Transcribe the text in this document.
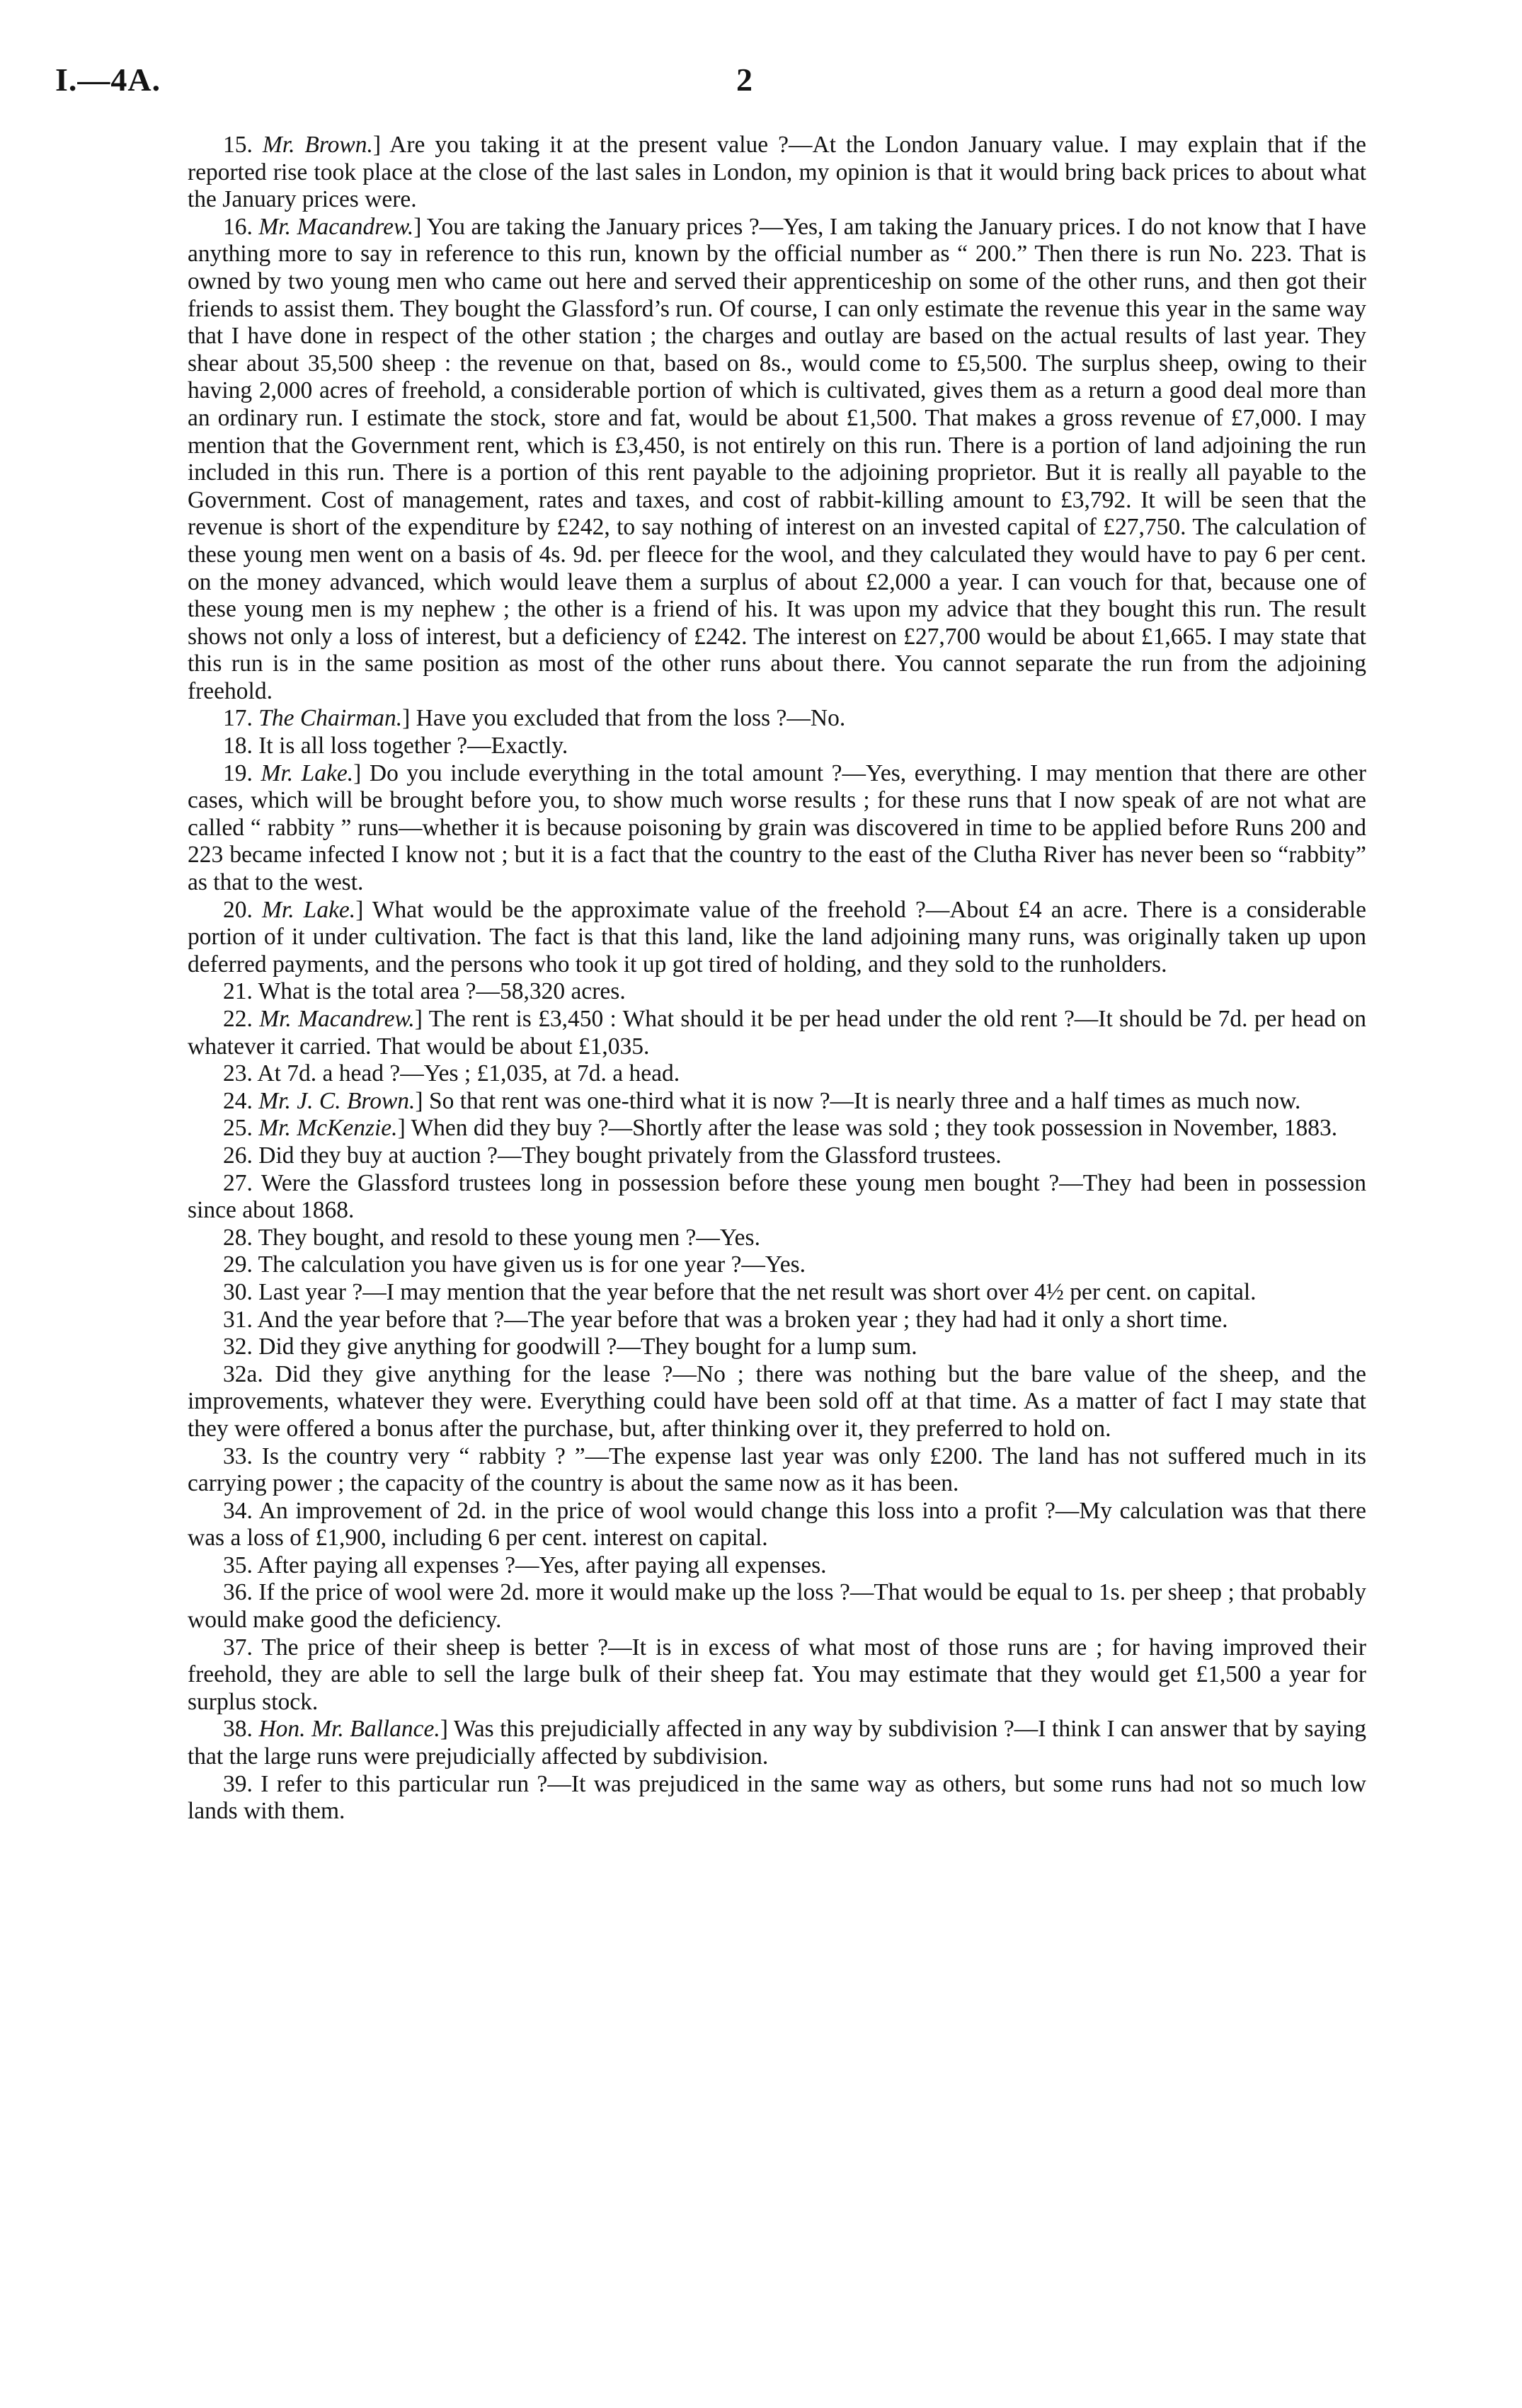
I.—4A.	2

15. Mr. Brown.] Are you taking it at the present value ?—At the London January value. I may explain that if the reported rise took place at the close of the last sales in London, my opinion is that it would bring back prices to about what the January prices were.

16. Mr. Macandrew.] You are taking the January prices ?—Yes, I am taking the January prices. I do not know that I have anything more to say in reference to this run, known by the official number as “ 200.” Then there is run No. 223. That is owned by two young men who came out here and served their apprenticeship on some of the other runs, and then got their friends to assist them. They bought the Glassford’s run. Of course, I can only estimate the revenue this year in the same way that I have done in respect of the other station ; the charges and outlay are based on the actual results of last year. They shear about 35,500 sheep : the revenue on that, based on 8s., would come to £5,500. The surplus sheep, owing to their having 2,000 acres of freehold, a considerable portion of which is cultivated, gives them as a return a good deal more than an ordinary run. I estimate the stock, store and fat, would be about £1,500. That makes a gross revenue of £7,000. I may mention that the Government rent, which is £3,450, is not entirely on this run. There is a portion of land adjoining the run included in this run. There is a portion of this rent payable to the adjoining proprietor. But it is really all payable to the Government. Cost of management, rates and taxes, and cost of rabbit-killing amount to £3,792. It will be seen that the revenue is short of the expenditure by £242, to say nothing of interest on an invested capital of £27,750. The calculation of these young men went on a basis of 4s. 9d. per fleece for the wool, and they calculated they would have to pay 6 per cent. on the money advanced, which would leave them a surplus of about £2,000 a year. I can vouch for that, because one of these young men is my nephew ; the other is a friend of his. It was upon my advice that they bought this run. The result shows not only a loss of interest, but a deficiency of £242. The interest on £27,700 would be about £1,665. I may state that this run is in the same position as most of the other runs about there. You cannot separate the run from the adjoining freehold.

17. The Chairman.] Have you excluded that from the loss ?—No.

18. It is all loss together ?—Exactly.

19. Mr. Lake.] Do you include everything in the total amount ?—Yes, everything. I may mention that there are other cases, which will be brought before you, to show much worse results ; for these runs that I now speak of are not what are called “ rabbity ” runs—whether it is because poisoning by grain was discovered in time to be applied before Runs 200 and 223 became infected I know not ; but it is a fact that the country to the east of the Clutha River has never been so “rabbity” as that to the west.

20. Mr. Lake.] What would be the approximate value of the freehold ?—About £4 an acre. There is a considerable portion of it under cultivation. The fact is that this land, like the land adjoining many runs, was originally taken up upon deferred payments, and the persons who took it up got tired of holding, and they sold to the runholders.

21. What is the total area ?—58,320 acres.

22. Mr. Macandrew.] The rent is £3,450 : What should it be per head under the old rent ?—It should be 7d. per head on whatever it carried. That would be about £1,035.

23. At 7d. a head ?—Yes ; £1,035, at 7d. a head.

24. Mr. J. C. Brown.] So that rent was one-third what it is now ?—It is nearly three and a half times as much now.

25. Mr. McKenzie.] When did they buy ?—Shortly after the lease was sold ; they took possession in November, 1883.

26. Did they buy at auction ?—They bought privately from the Glassford trustees.

27. Were the Glassford trustees long in possession before these young men bought ?—They had been in possession since about 1868.

28. They bought, and resold to these young men ?—Yes.

29. The calculation you have given us is for one year ?—Yes.

30. Last year ?—I may mention that the year before that the net result was short over 4½ per cent. on capital.

31. And the year before that ?—The year before that was a broken year ; they had had it only a short time.

32. Did they give anything for goodwill ?—They bought for a lump sum.

32a. Did they give anything for the lease ?—No ; there was nothing but the bare value of the sheep, and the improvements, whatever they were. Everything could have been sold off at that time. As a matter of fact I may state that they were offered a bonus after the purchase, but, after thinking over it, they preferred to hold on.

33. Is the country very “ rabbity ? ”—The expense last year was only £200. The land has not suffered much in its carrying power ; the capacity of the country is about the same now as it has been.

34. An improvement of 2d. in the price of wool would change this loss into a profit ?—My calculation was that there was a loss of £1,900, including 6 per cent. interest on capital.

35. After paying all expenses ?—Yes, after paying all expenses.

36. If the price of wool were 2d. more it would make up the loss ?—That would be equal to 1s. per sheep ; that probably would make good the deficiency.

37. The price of their sheep is better ?—It is in excess of what most of those runs are ; for having improved their freehold, they are able to sell the large bulk of their sheep fat. You may estimate that they would get £1,500 a year for surplus stock.

38. Hon. Mr. Ballance.] Was this prejudicially affected in any way by subdivision ?—I think I can answer that by saying that the large runs were prejudicially affected by subdivision.

39. I refer to this particular run ?—It was prejudiced in the same way as others, but some runs had not so much low lands with them.
